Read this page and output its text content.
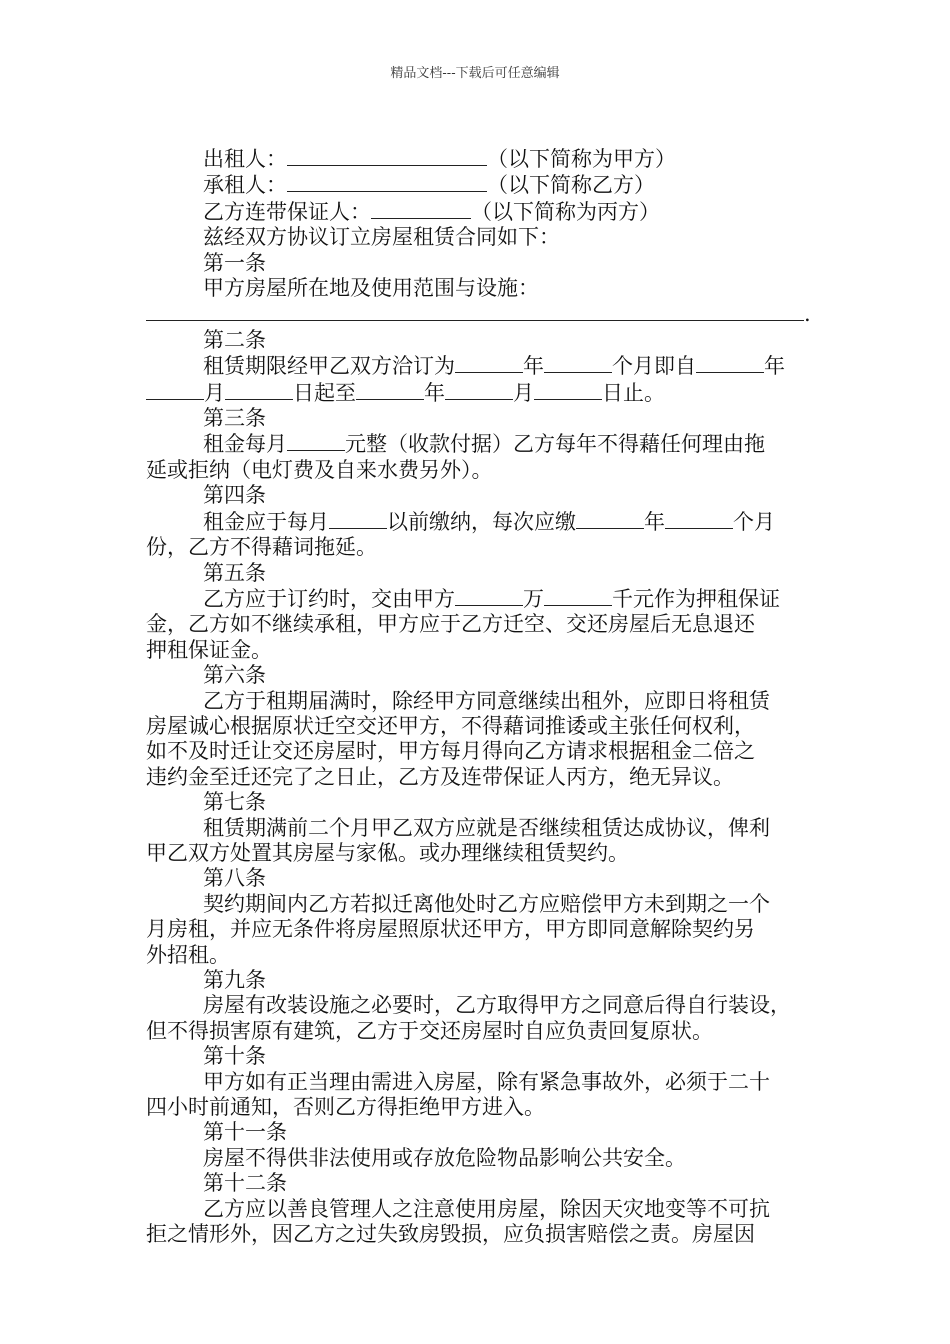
精品文档---下载后可任意编辑

出租人：	（以下简称为甲方）

承租人：	（以下简称乙方）

乙方连带保证人：	（以下简称为丙方）

兹经双方协议订立房屋租赁合同如下：

第一条

甲方房屋所在地及使用范围与设施：

.

第二条

租赁期限经甲乙双方洽订为	年	个月即自	年

月	日起至	年	月	日止。

第三条

租金每月	元整（收款付据）乙方每年不得藉任何理由拖

延或拒纳（电灯费及自来水费另外）。

第四条

租金应于每月	以前缴纳，每次应缴	年	个月

份，乙方不得藉词拖延。

第五条

乙方应于订约时，交由甲方	万	千元作为押租保证

金，乙方如不继续承租，甲方应于乙方迁空、交还房屋后无息退还

押租保证金。

第六条

乙方于租期届满时，除经甲方同意继续出租外，应即日将租赁

房屋诚心根据原状迁空交还甲方，不得藉词推诿或主张任何权利，

如不及时迁让交还房屋时，甲方每月得向乙方请求根据租金二倍之

违约金至迁还完了之日止，乙方及连带保证人丙方，绝无异议。

第七条

租赁期满前二个月甲乙双方应就是否继续租赁达成协议，俾利

甲乙双方处置其房屋与家俬。或办理继续租赁契约。

第八条

契约期间内乙方若拟迁离他处时乙方应赔偿甲方未到期之一个

月房租，并应无条件将房屋照原状还甲方，甲方即同意解除契约另

外招租。

第九条

房屋有改装设施之必要时，乙方取得甲方之同意后得自行装设，

但不得损害原有建筑，乙方于交还房屋时自应负责回复原状。

第十条

甲方如有正当理由需进入房屋，除有紧急事故外，必须于二十

四小时前通知，否则乙方得拒绝甲方进入。

第十一条

房屋不得供非法使用或存放危险物品影响公共安全。

第十二条

乙方应以善良管理人之注意使用房屋，除因天灾地变等不可抗

拒之情形外，因乙方之过失致房毁损，应负损害赔偿之责。房屋因
